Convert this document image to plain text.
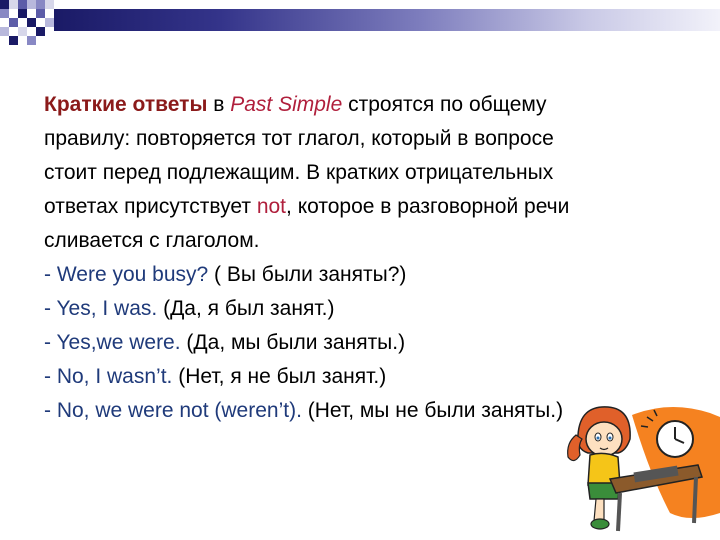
Краткие ответы в Past Simple строятся по общему

правилу: повторяется тот глагол, который в вопросе

стоит перед подлежащим. В кратких отрицательных

ответах присутствует not, которое в разговорной речи

сливается с глаголом.

- Were you busy? ( Вы были заняты?)

- Yes, I was. (Да, я был занят.)

- Yes,we were. (Да, мы были заняты.)

- No, I wasn’t. (Нет, я не был занят.)

- No, we were not (weren’t). (Нет, мы не были заняты.)
